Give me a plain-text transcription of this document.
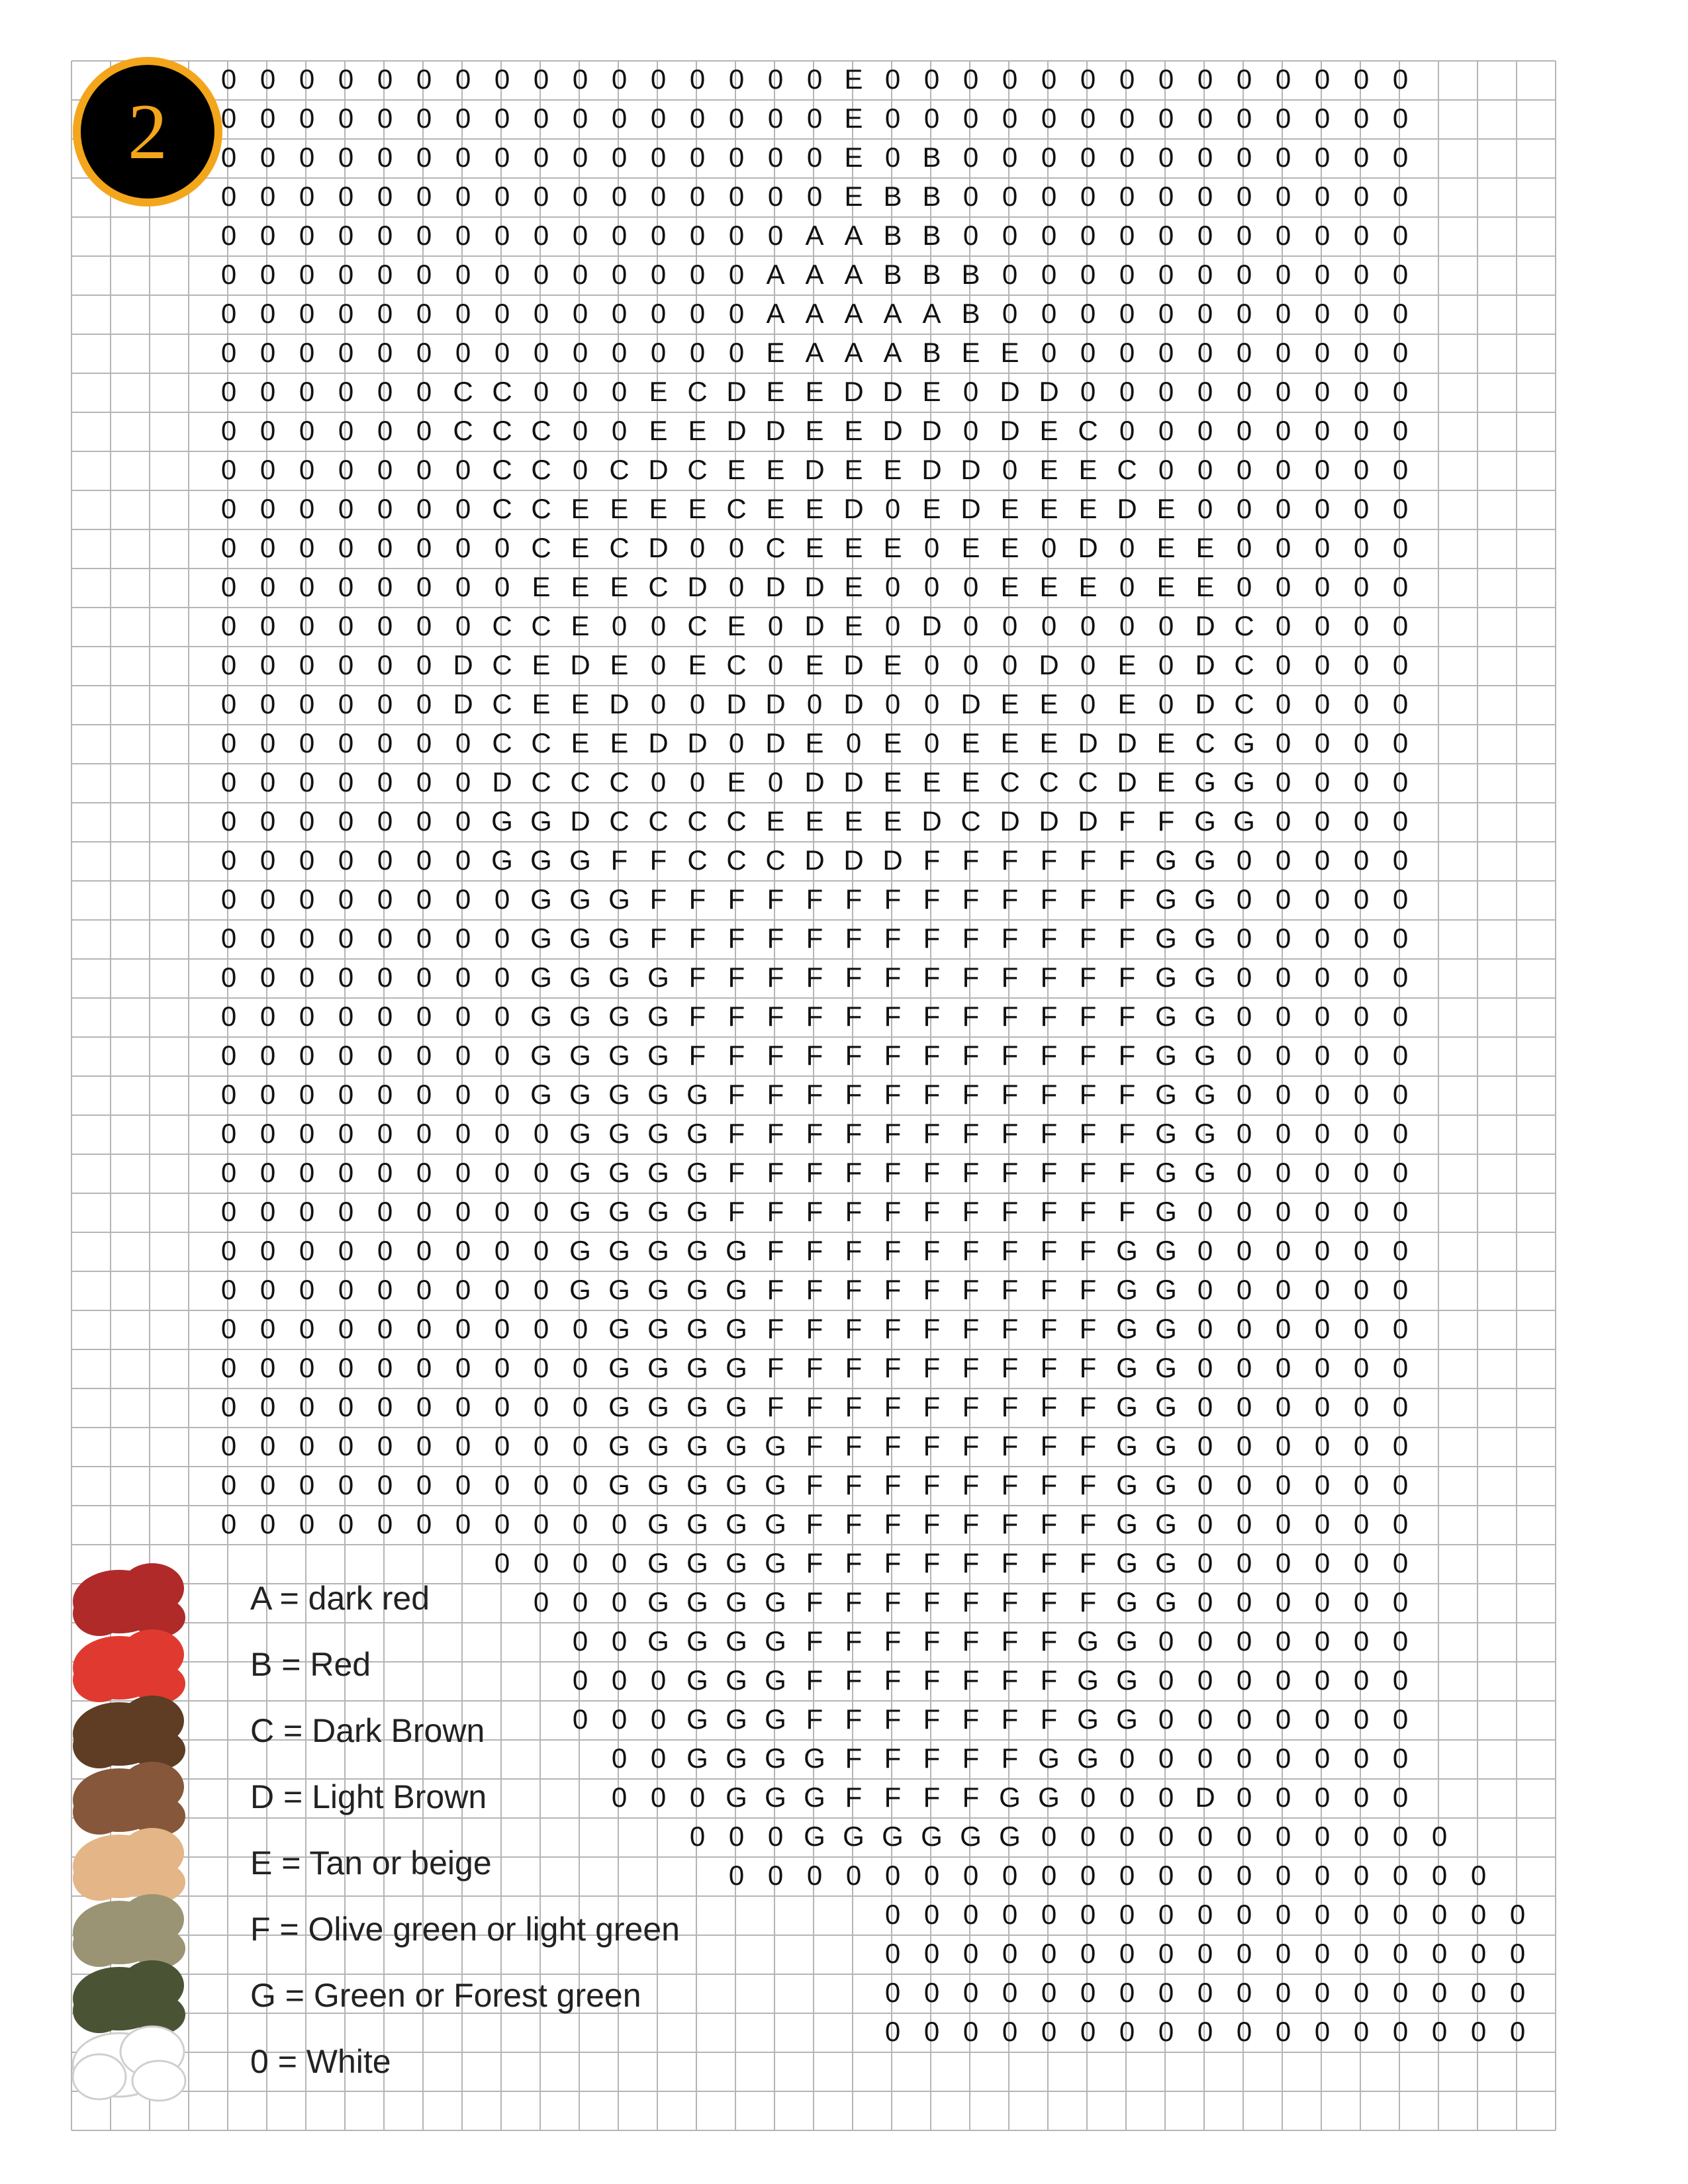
0 0 0 0 0 0 0 0 0 0 0 0 0 0 0 0 E 0 0 0 0 0 0 0 0 0 0 0 0 0 0
0 0 0 0 0 0 0 0 0 0 0 0 0 0 0 0 E 0 0 0 0 0 0 0 0 0 0 0 0 0 0
0 0 0 0 0 0 0 0 0 0 0 0 0 0 0 0 E 0 B 0 0 0 0 0 0 0 0 0 0 0 0
0 0 0 0 0 0 0 0 0 0 0 0 0 0 0 0 E B B 0 0 0 0 0 0 0 0 0 0 0 0
0 0 0 0 0 0 0 0 0 0 0 0 0 0 0 A A B B 0 0 0 0 0 0 0 0 0 0 0 0
0 0 0 0 0 0 0 0 0 0 0 0 0 0 A A A B B B 0 0 0 0 0 0 0 0 0 0 0
0 0 0 0 0 0 0 0 0 0 0 0 0 0 A A A A A B 0 0 0 0 0 0 0 0 0 0 0
0 0 0 0 0 0 0 0 0 0 0 0 0 0 E A A A B E E 0 0 0 0 0 0 0 0 0 0
0 0 0 0 0 0 C C 0 0 0 E C D E E D D E 0 D D 0 0 0 0 0 0 0 0 0
0 0 0 0 0 0 C C C 0 0 E E D D E E D D 0 D E C 0 0 0 0 0 0 0 0
0 0 0 0 0 0 0 C C 0 C D C E E D E E D D 0 E E C 0 0 0 0 0 0 0
0 0 0 0 0 0 0 C C E E E E C E E D 0 E D E E E D E 0 0 0 0 0 0
0 0 0 0 0 0 0 0 C E C D 0 0 C E E E 0 E E 0 D 0 E E 0 0 0 0 0
0 0 0 0 0 0 0 0 E E E C D 0 D D E 0 0 0 E E E 0 E E 0 0 0 0 0
0 0 0 0 0 0 0 C C E 0 0 C E 0 D E 0 D 0 0 0 0 0 0 D C 0 0 0 0
0 0 0 0 0 0 D C E D E 0 E C 0 E D E 0 0 0 D 0 E 0 D C 0 0 0 0
0 0 0 0 0 0 D C E E D 0 0 D D 0 D 0 0 D E E 0 E 0 D C 0 0 0 0
0 0 0 0 0 0 0 C C E E D D 0 D E 0 E 0 E E E D D E C G 0 0 0 0
0 0 0 0 0 0 0 D C C C 0 0 E 0 D D E E E C C C D E G G 0 0 0 0
0 0 0 0 0 0 0 G G D C C C C E E E E D C D D D F F G G 0 0 0 0
0 0 0 0 0 0 0 G G G F F C C C D D D F F F F F F G G 0 0 0 0 0
0 0 0 0 0 0 0 0 G G G F F F F F F F F F F F F F G G 0 0 0 0 0
0 0 0 0 0 0 0 0 G G G F F F F F F F F F F F F F G G 0 0 0 0 0
0 0 0 0 0 0 0 0 G G G G F F F F F F F F F F F F G G 0 0 0 0 0
0 0 0 0 0 0 0 0 G G G G F F F F F F F F F F F F G G 0 0 0 0 0
0 0 0 0 0 0 0 0 G G G G F F F F F F F F F F F F G G 0 0 0 0 0
0 0 0 0 0 0 0 0 G G G G G F F F F F F F F F F F G G 0 0 0 0 0
0 0 0 0 0 0 0 0 0 G G G G F F F F F F F F F F F G G 0 0 0 0 0
0 0 0 0 0 0 0 0 0 G G G G F F F F F F F F F F F G G 0 0 0 0 0
0 0 0 0 0 0 0 0 0 G G G G F F F F F F F F F F F G 0 0 0 0 0 0
0 0 0 0 0 0 0 0 0 G G G G G F F F F F F F F F G G 0 0 0 0 0 0
0 0 0 0 0 0 0 0 0 G G G G G F F F F F F F F F G G 0 0 0 0 0 0
0 0 0 0 0 0 0 0 0 0 G G G G F F F F F F F F F G G 0 0 0 0 0 0
0 0 0 0 0 0 0 0 0 0 G G G G F F F F F F F F F G G 0 0 0 0 0 0
0 0 0 0 0 0 0 0 0 0 G G G G F F F F F F F F F G G 0 0 0 0 0 0
0 0 0 0 0 0 0 0 0 0 G G G G G F F F F F F F F G G 0 0 0 0 0 0
0 0 0 0 0 0 0 0 0 0 G G G G G F F F F F F F F G G 0 0 0 0 0 0
0 0 0 0 0 0 0 0 0 0 0 G G G G F F F F F F F F G G 0 0 0 0 0 0
0 0 0 0 G G G G F F F F F F F F G G 0 0 0 0 0 0
0 0 0 G G G G F F F F F F F F G G 0 0 0 0 0 0
0 0 G G G G F F F F F F F G G 0 0 0 0 0 0 0
0 0 0 G G G F F F F F F F G G 0 0 0 0 0 0 0
0 0 0 G G G F F F F F F F G G 0 0 0 0 0 0 0
0 0 G G G G F F F F F G G 0 0 0 0 0 0 0 0
0 0 0 G G G F F F F G G 0 0 0 D 0 0 0 0 0
0 0 0 G G G G G G 0 0 0 0 0 0 0 0 0 0 0
0 0 0 0 0 0 0 0 0 0 0 0 0 0 0 0 0 0 0 0
0 0 0 0 0 0 0 0 0 0 0 0 0 0 0 0 0
0 0 0 0 0 0 0 0 0 0 0 0 0 0 0 0 0
0 0 0 0 0 0 0 0 0 0 0 0 0 0 0 0 0
0 0 0 0 0 0 0 0 0 0 0 0 0 0 0 0 0
2
A = dark red
B = Red
C = Dark Brown
D = Light Brown
E = Tan or beige
F = Olive green or light green
G = Green or Forest green
0 = White
